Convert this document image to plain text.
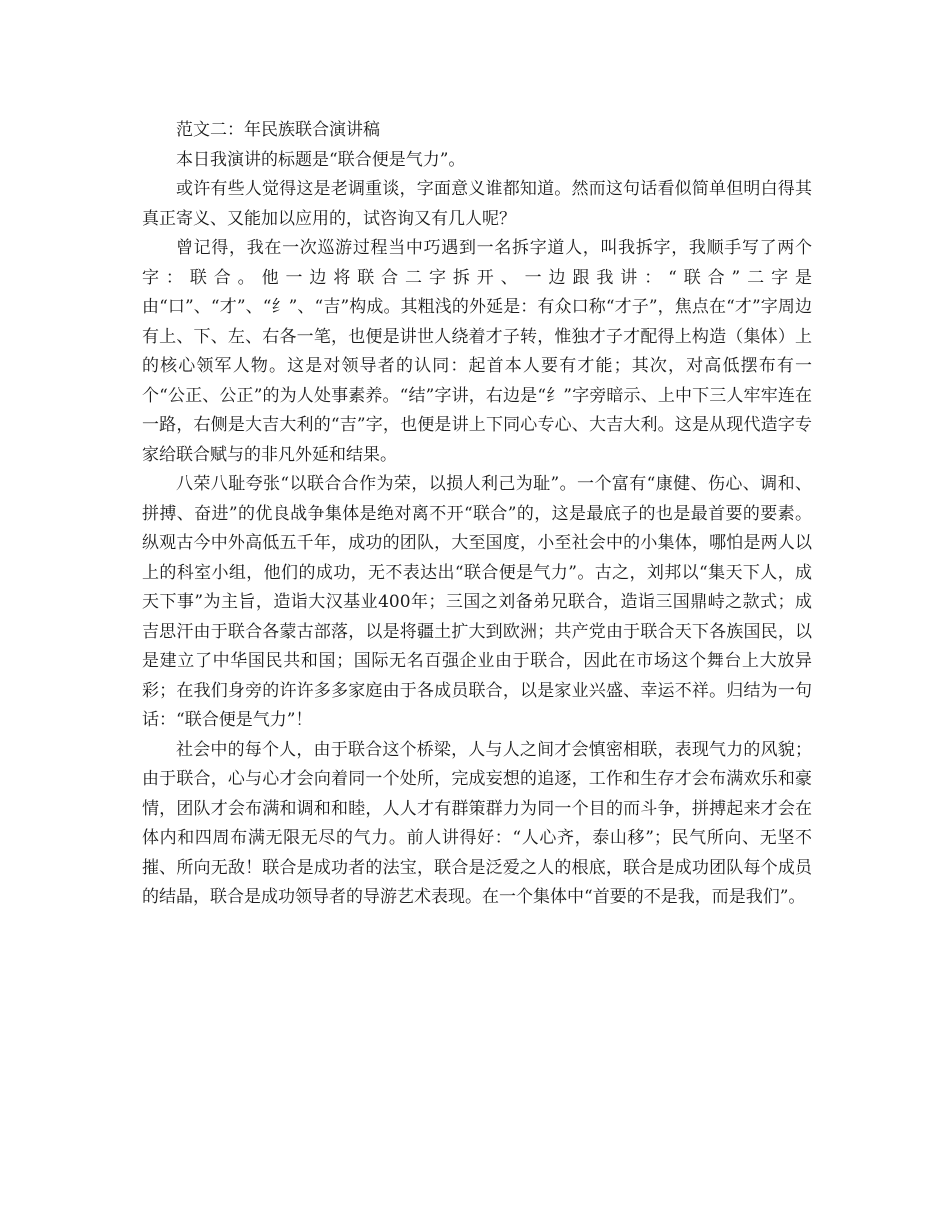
范文二：年民族联合演讲稿

本日我演讲的标题是“联合便是气力”。

或许有些人觉得这是老调重谈，字面意义谁都知道。然而这句话看似简单但明白得其真正寄义、又能加以应用的，试咨询又有几人呢？

曾记得，我在一次巡游过程当中巧遇到一名拆字道人，叫我拆字，我顺手写了两个字：联合。他一边将联合二字拆开、一边跟我讲：“联合”二字是由“口”、“才”、“纟”、“吉”构成。其粗浅的外延是：有众口称“才子”，焦点在“才”字周边有上、下、左、右各一笔，也便是讲世人绕着才子转，惟独才子才配得上构造（集体）上的核心领军人物。这是对领导者的认同：起首本人要有才能；其次，对高低摆布有一个“公正、公正”的为人处事素养。“结”字讲，右边是“纟”字旁暗示、上中下三人牢牢连在一路，右侧是大吉大利的“吉”字，也便是讲上下同心专心、大吉大利。这是从现代造字专家给联合赋与的非凡外延和结果。

八荣八耻夸张“以联合合作为荣，以损人利己为耻”。一个富有“康健、伤心、调和、拼搏、奋进”的优良战争集体是绝对离不开“联合”的，这是最底子的也是最首要的要素。纵观古今中外高低五千年，成功的团队，大至国度，小至社会中的小集体，哪怕是两人以上的科室小组，他们的成功，无不表达出“联合便是气力”。古之，刘邦以“集天下人，成天下事”为主旨，造诣大汉基业400年；三国之刘备弟兄联合，造诣三国鼎峙之款式；成吉思汗由于联合各蒙古部落，以是将疆土扩大到欧洲；共产党由于联合天下各族国民，以是建立了中华国民共和国；国际无名百强企业由于联合，因此在市场这个舞台上大放异彩；在我们身旁的许许多多家庭由于各成员联合，以是家业兴盛、幸运不祥。归结为一句话：“联合便是气力”！

社会中的每个人，由于联合这个桥梁，人与人之间才会慎密相联，表现气力的风貌；由于联合，心与心才会向着同一个处所，完成妄想的追逐，工作和生存才会布满欢乐和豪情，团队才会布满和调和和睦，人人才有群策群力为同一个目的而斗争，拼搏起来才会在体内和四周布满无限无尽的气力。前人讲得好：“人心齐，泰山移”；民气所向、无坚不摧、所向无敌！联合是成功者的法宝，联合是泛爱之人的根底，联合是成功团队每个成员的结晶，联合是成功领导者的导游艺术表现。在一个集体中“首要的不是我，而是我们”。
